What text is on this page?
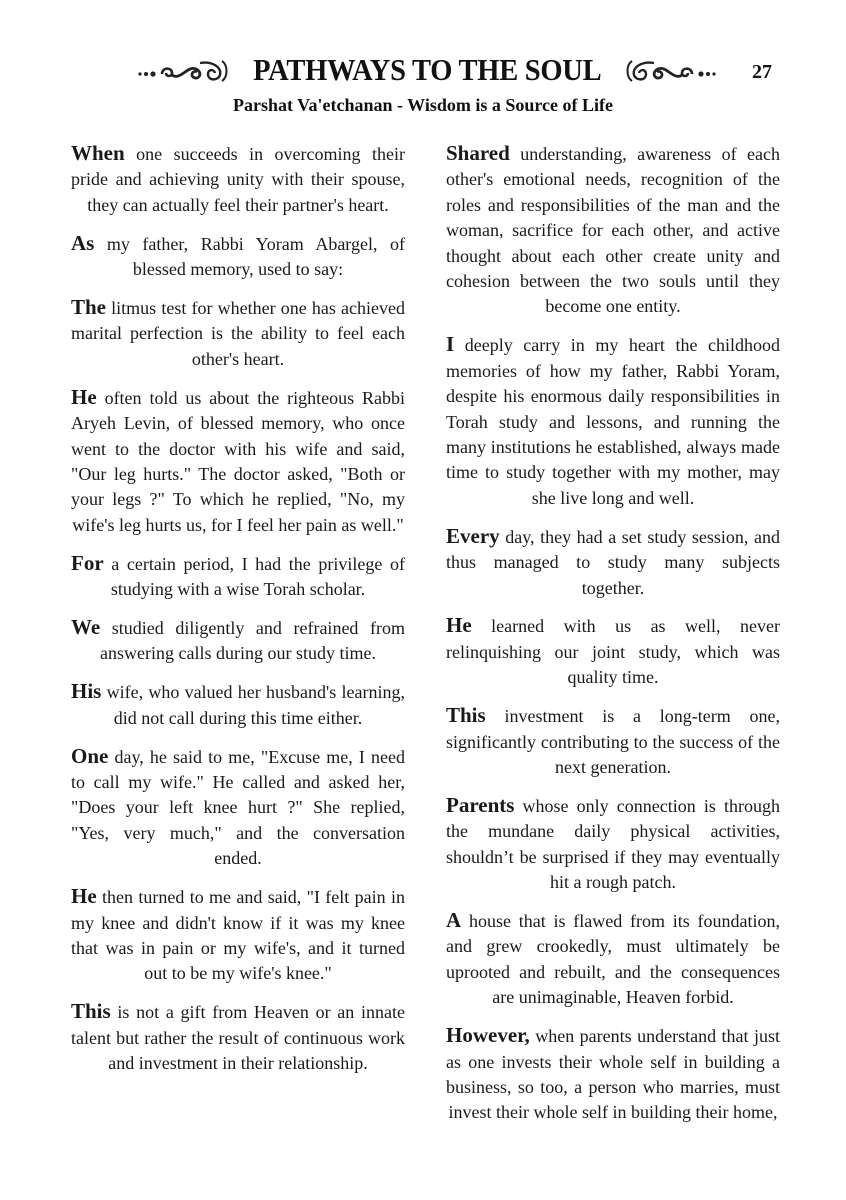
PATHWAYS TO THE SOUL	27
Parshat Va'etchanan - Wisdom is a Source of Life

When one succeeds in overcoming their pride and achieving unity with their spouse, they can actually feel their partner's heart.

As my father, Rabbi Yoram Abargel, of blessed memory, used to say:

The litmus test for whether one has achieved marital perfection is the ability to feel each other's heart.

He often told us about the righteous Rabbi Aryeh Levin, of blessed memory, who once went to the doctor with his wife and said, "Our leg hurts." The doctor asked, "Both or your legs ?" To which he replied, "No, my wife's leg hurts us, for I feel her pain as well."

For a certain period, I had the privilege of studying with a wise Torah scholar.

We studied diligently and refrained from answering calls during our study time.

His wife, who valued her husband's learning, did not call during this time either.

One day, he said to me, "Excuse me, I need to call my wife." He called and asked her, "Does your left knee hurt ?" She replied, "Yes, very much," and the conversation ended.

He then turned to me and said, "I felt pain in my knee and didn't know if it was my knee that was in pain or my wife's, and it turned out to be my wife's knee."

This is not a gift from Heaven or an innate talent but rather the result of continuous work and investment in their relationship.

Shared understanding, awareness of each other's emotional needs, recognition of the roles and responsibilities of the man and the woman, sacrifice for each other, and active thought about each other create unity and cohesion between the two souls until they become one entity.

I deeply carry in my heart the childhood memories of how my father, Rabbi Yoram, despite his enormous daily responsibilities in Torah study and lessons, and running the many institutions he established, always made time to study together with my mother, may she live long and well.

Every day, they had a set study session, and thus managed to study many subjects together.

He learned with us as well, never relinquishing our joint study, which was quality time.

This investment is a long-term one, significantly contributing to the success of the next generation.

Parents whose only connection is through the mundane daily physical activities, shouldn’t be surprised if they may eventually hit a rough patch.

A house that is flawed from its foundation, and grew crookedly, must ultimately be uprooted and rebuilt, and the consequences are unimaginable, Heaven forbid.

However, when parents understand that just as one invests their whole self in building a business, so too, a person who marries, must invest their whole self in building their home,
